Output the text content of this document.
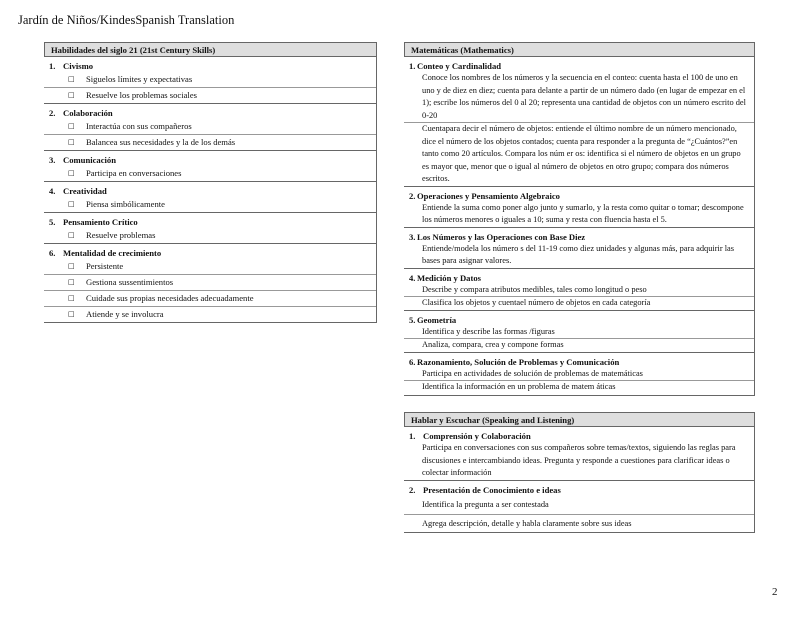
Jardín de Niños/KindesSpanish Translation
Habilidades del siglo 21 (21st Century Skills)
1. Civismo
□ Siguelos límites y expectativas
□ Resuelve los problemas sociales
2. Colaboración
□ Interactúa con sus compañeros
□ Balancea sus necesidades y la de los demás
3. Comunicación
□ Participa en conversaciones
4. Creatividad
□ Piensa simbólicamente
5. Pensamiento Crítico
□ Resuelve problemas
6. Mentalidad de crecimiento
□ Persistente
□ Gestiona sussentimientos
□ Cuidade sus propias necesidades adecuadamente
□ Atiende y se involucra
Matemáticas (Mathematics)
1. Conteo y Cardinalidad
Conoce los nombres de los números y la secuencia en el conteo: cuenta hasta el 100 de uno en uno y de diez en diez; cuenta para delante a partir de un número dado (en lugar de empezar en el 1); escribe los números del 0 al 20; representa una cantidad de objetos con un número escrito del 0-20
Cuentapara decir el número de objetos: entiende el último nombre de un número mencionado, dice el número de los objetos contados; cuenta para responder a la pregunta de “¿Cuántos?”en tanto como 20 artículos. Compara los núm er os: identifica si el número de objetos en un grupo es mayor que, menor que o igual al número de objetos en otro grupo; compara dos números escritos.
2. Operaciones y Pensamiento Algebraico
Entiende la suma como poner algo junto y sumarlo, y la resta como quitar o tomar; descompone los números menores o iguales a 10; suma y resta con fluencia hasta el 5.
3. Los Números y las Operaciones con Base Diez
Entiende/modela los número s del 11-19 como diez unidades y algunas más, para adquirir las bases para asignar valores.
4. Medición y Datos
Describe y compara atributos medibles, tales como longitud o peso
Clasifica los objetos y cuentael número de objetos en cada categoría
5. Geometría
Identifica y describe las formas /figuras
Analiza, compara, crea y compone formas
6. Razonamiento, Solución de Problemas y Comunicación
Participa en actividades de solución de problemas de matemáticas
Identifica la información en un problema de matem áticas
Hablar y Escuchar (Speaking and Listening)
1. Comprensión y Colaboración
Participa en conversaciones con sus compañeros sobre temas/textos, siguiendo las reglas para discusiones e intercambiando ideas. Pregunta y responde a cuestiones para clarificar ideas o colectar información
2. Presentación de Conocimiento e ideas
Identifica la pregunta a ser contestada
Agrega descripción, detalle y habla claramente sobre sus ideas
2
